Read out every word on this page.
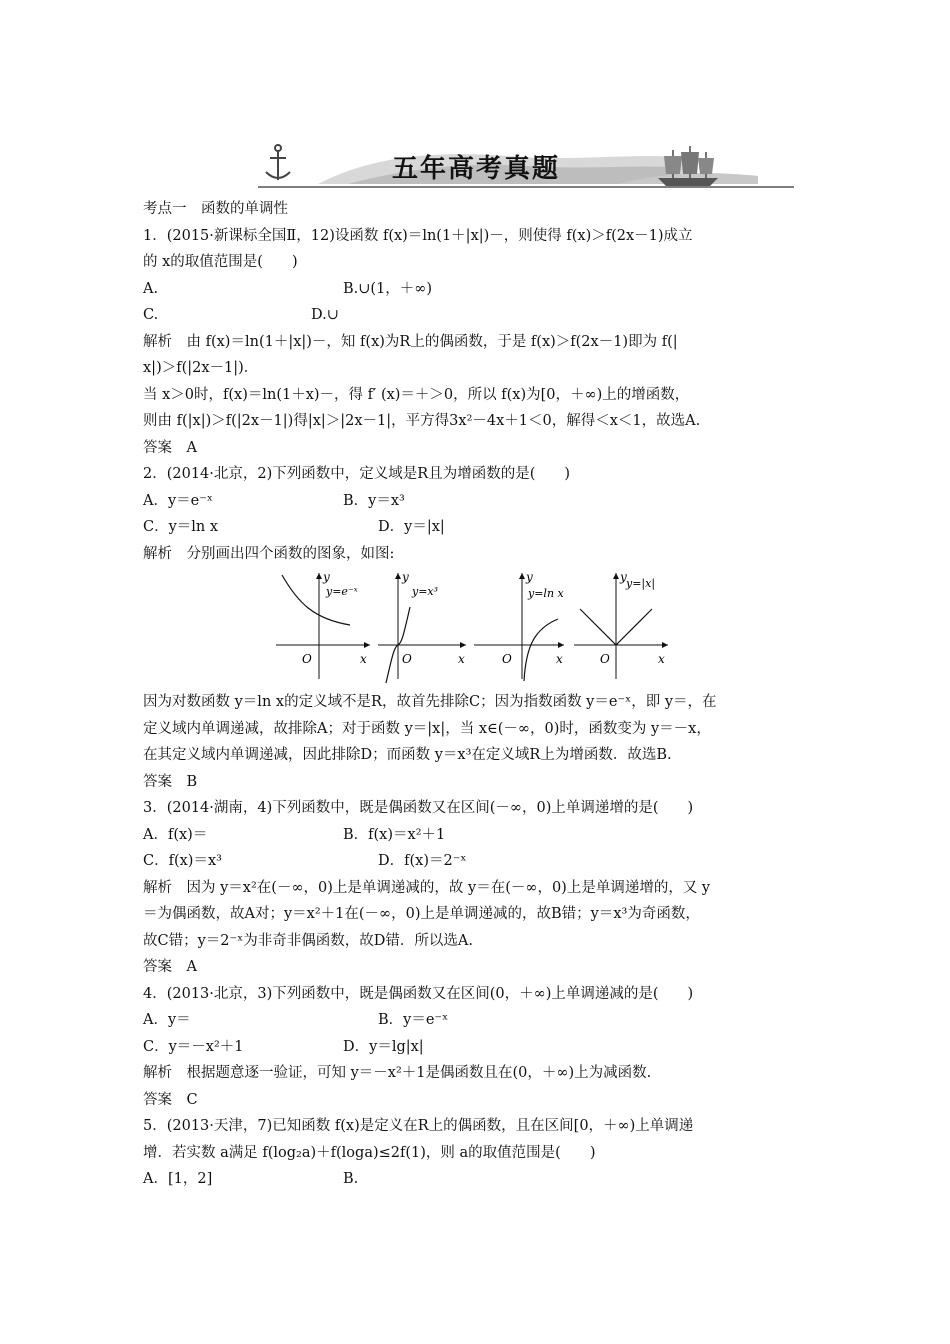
五年高考真题
考点一　函数的单调性
1．(2015·新课标全国Ⅱ，12)设函数 f(x)＝ln(1＋|x|)－，则使得 f(x)＞f(2x－1)成立
的 x的取值范围是(　　)
A.	B.∪(1，＋∞)
C.	D.∪
解析　由 f(x)＝ln(1＋|x|)－，知 f(x)为R上的偶函数，于是 f(x)＞f(2x－1)即为 f(|
x|)＞f(|2x－1|)．
当 x＞0时，f(x)＝ln(1＋x)－，得 f′ (x)＝＋＞0，所以 f(x)为[0，＋∞)上的增函数，
则由 f(|x|)＞f(|2x－1|)得|x|＞|2x－1|，平方得3x²－4x＋1＜0，解得＜x＜1，故选A.
答案　A
2．(2014·北京，2)下列函数中，定义域是R且为增函数的是(　　)
A．y＝e⁻ˣ	B．y＝x³
C．y＝ln x	D．y＝|x|
解析　分别画出四个函数的图象，如图:
y
x
O
y=e⁻ˣ
y
x
O
y=x³
y
x
O
y=ln x
y
x
O
y=|x|
因为对数函数 y＝ln x的定义域不是R，故首先排除C；因为指数函数 y＝e⁻ˣ，即 y＝，在
定义域内单调递减，故排除A；对于函数 y＝|x|，当 x∈(－∞，0)时，函数变为 y＝－x，
在其定义域内单调递减，因此排除D；而函数 y＝x³在定义域R上为增函数．故选B.
答案　B
3．(2014·湖南，4)下列函数中，既是偶函数又在区间(－∞，0)上单调递增的是(　　)
A．f(x)＝	B．f(x)＝x²＋1
C．f(x)＝x³	D．f(x)＝2⁻ˣ
解析　因为 y＝x²在(－∞，0)上是单调递减的，故 y＝在(－∞，0)上是单调递增的，又 y
＝为偶函数，故A对；y＝x²＋1在(－∞，0)上是单调递减的，故B错；y＝x³为奇函数，
故C错；y＝2⁻ˣ为非奇非偶函数，故D错．所以选A.
答案　A
4．(2013·北京，3)下列函数中，既是偶函数又在区间(0，＋∞)上单调递减的是(　　)
A．y＝	B．y＝e⁻ˣ
C．y＝－x²＋1	D．y＝lg|x|
解析　根据题意逐一验证，可知 y＝－x²＋1是偶函数且在(0，＋∞)上为减函数.
答案　C
5．(2013·天津，7)已知函数 f(x)是定义在R上的偶函数，且在区间[0，＋∞)上单调递
增．若实数 a满足 f(log₂a)＋f(loga)≤2f(1)，则 a的取值范围是(　　)
A．[1，2]	B.
